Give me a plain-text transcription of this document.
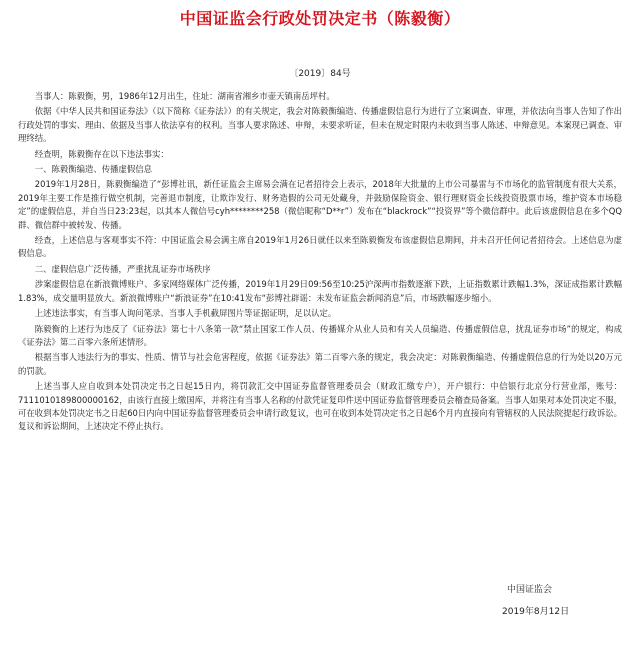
中国证监会行政处罚决定书（陈毅衡）
〔2019〕84号

当事人：陈毅衡，男，1986年12月出生，住址：湖南省湘乡市壶天镇南岳坪村。

依据《中华人民共和国证券法》（以下简称《证券法》）的有关规定，我会对陈毅衡编造、传播虚假信息行为进行了立案调查、审理，并依法向当事人告知了作出行政处罚的事实、理由、依据及当事人依法享有的权利。当事人要求陈述、申辩，未要求听证，但未在规定时限内未收到当事人陈述、申辩意见。本案现已调查、审理终结。

经查明，陈毅衡存在以下违法事实：

一、陈毅衡编造、传播虚假信息

2019年1月28日，陈毅衡编造了“彭博社讯，新任证监会主席易会满在记者招待会上表示，2018年大批量的上市公司暴雷与不市场化的监管制度有很大关系，2019年主要工作是推行做空机制，完善退市制度，让欺诈发行、财务造假的公司无处藏身，并鼓励保险资金、银行理财资金长线投资股票市场，维护资本市场稳定”的虚假信息，并自当日23:23起，以其本人微信号cyh********258（微信昵称“D**r”）发布在“blackrock”“投资界”等个微信群中。此后该虚假信息在多个QQ群、微信群中被转发、传播。

经查，上述信息与客观事实不符：中国证监会易会满主席自2019年1月26日就任以来至陈毅衡发布该虚假信息期间，并未召开任何记者招待会。上述信息为虚假信息。

二、虚假信息广泛传播，严重扰乱证券市场秩序

涉案虚假信息在新浪微博账户、多家网络媒体广泛传播，2019年1月29日09:56至10:25沪深两市指数逐渐下跌，上证指数累计跌幅1.3%，深证成指累计跌幅1.83%，成交量明显放大。新浪微博账户“新浪证券”在10:41发布“彭博社辟谣：未发布证监会新闻消息”后，市场跌幅逐步缩小。

上述违法事实，有当事人询问笔录、当事人手机截屏图片等证据证明，足以认定。

陈毅衡的上述行为违反了《证券法》第七十八条第一款“禁止国家工作人员、传播媒介从业人员和有关人员编造、传播虚假信息，扰乱证券市场”的规定，构成《证券法》第二百零六条所述情形。

根据当事人违法行为的事实、性质、情节与社会危害程度，依据《证券法》第二百零六条的规定，我会决定：对陈毅衡编造、传播虚假信息的行为处以20万元的罚款。

上述当事人应自收到本处罚决定书之日起15日内，将罚款汇交中国证券监督管理委员会（财政汇缴专户），开户银行：中信银行北京分行营业部，账号：7111010189800000162，由该行直接上缴国库，并将注有当事人名称的付款凭证复印件送中国证券监督管理委员会稽查局备案。当事人如果对本处罚决定不服，可在收到本处罚决定书之日起60日内向中国证券监督管理委员会申请行政复议，也可在收到本处罚决定书之日起6个月内直接向有管辖权的人民法院提起行政诉讼。复议和诉讼期间，上述决定不停止执行。

中国证监会
2019年8月12日
